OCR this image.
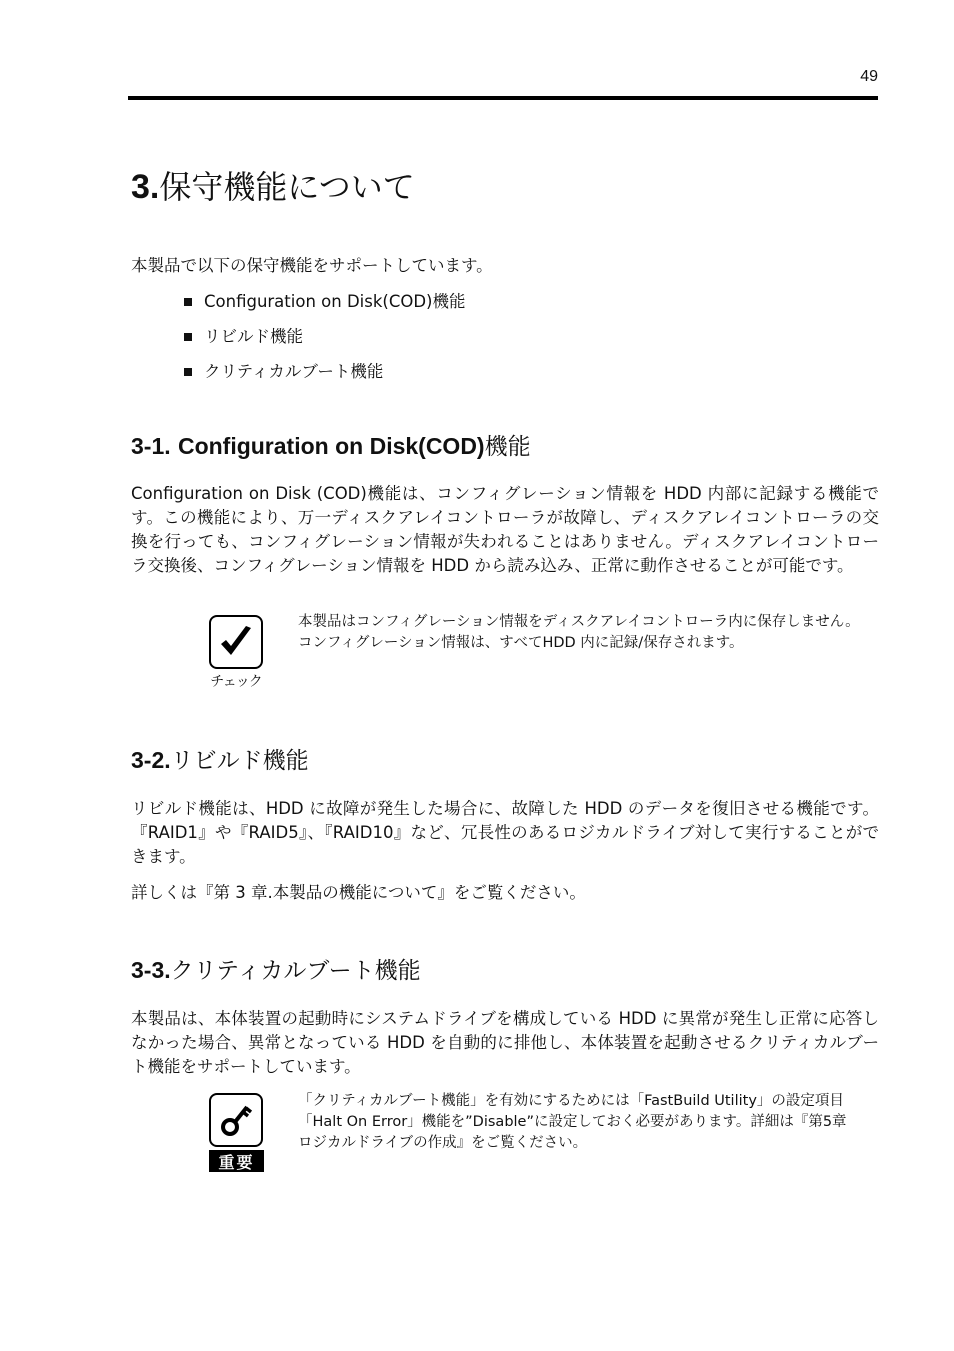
49
3.保守機能について

本製品で以下の保守機能をサポートしています。

Configuration on Disk(COD)機能
リビルド機能
クリティカルブート機能
3-1. Configuration on Disk(COD)機能

Configuration on Disk (COD)機能は、コンフィグレーション情報を HDD 内部に記録する機能です。この機能により、万一ディスクアレイコントローラが故障し、ディスクアレイコントローラの交換を行っても、コンフィグレーション情報が失われることはありません。ディスクアレイコントローラ交換後、コンフィグレーション情報を HDD から読み込み、正常に動作させることが可能です。

チェック

本製品はコンフィグレーション情報をディスクアレイコントローラ内に保存しません。コンフィグレーション情報は、すべてHDD 内に記録/保存されます。

3-2.リビルド機能

リビルド機能は、HDD に故障が発生した場合に、故障した HDD のデータを復旧させる機能です。『RAID1』や『RAID5』、『RAID10』など、冗長性のあるロジカルドライブ対して実行することができます。

詳しくは『第 3 章.本製品の機能について』をご覧ください。

3-3.クリティカルブート機能

本製品は、本体装置の起動時にシステムドライブを構成している HDD に異常が発生し正常に応答しなかった場合、異常となっている HDD を自動的に排他し、本体装置を起動させるクリティカルブート機能をサポートしています。

重要

「クリティカルブート機能」を有効にするためには「FastBuild Utility」の設定項目「Halt On Error」機能を”Disable”に設定しておく必要があります。詳細は『第5章ロジカルドライブの作成』をご覧ください。
